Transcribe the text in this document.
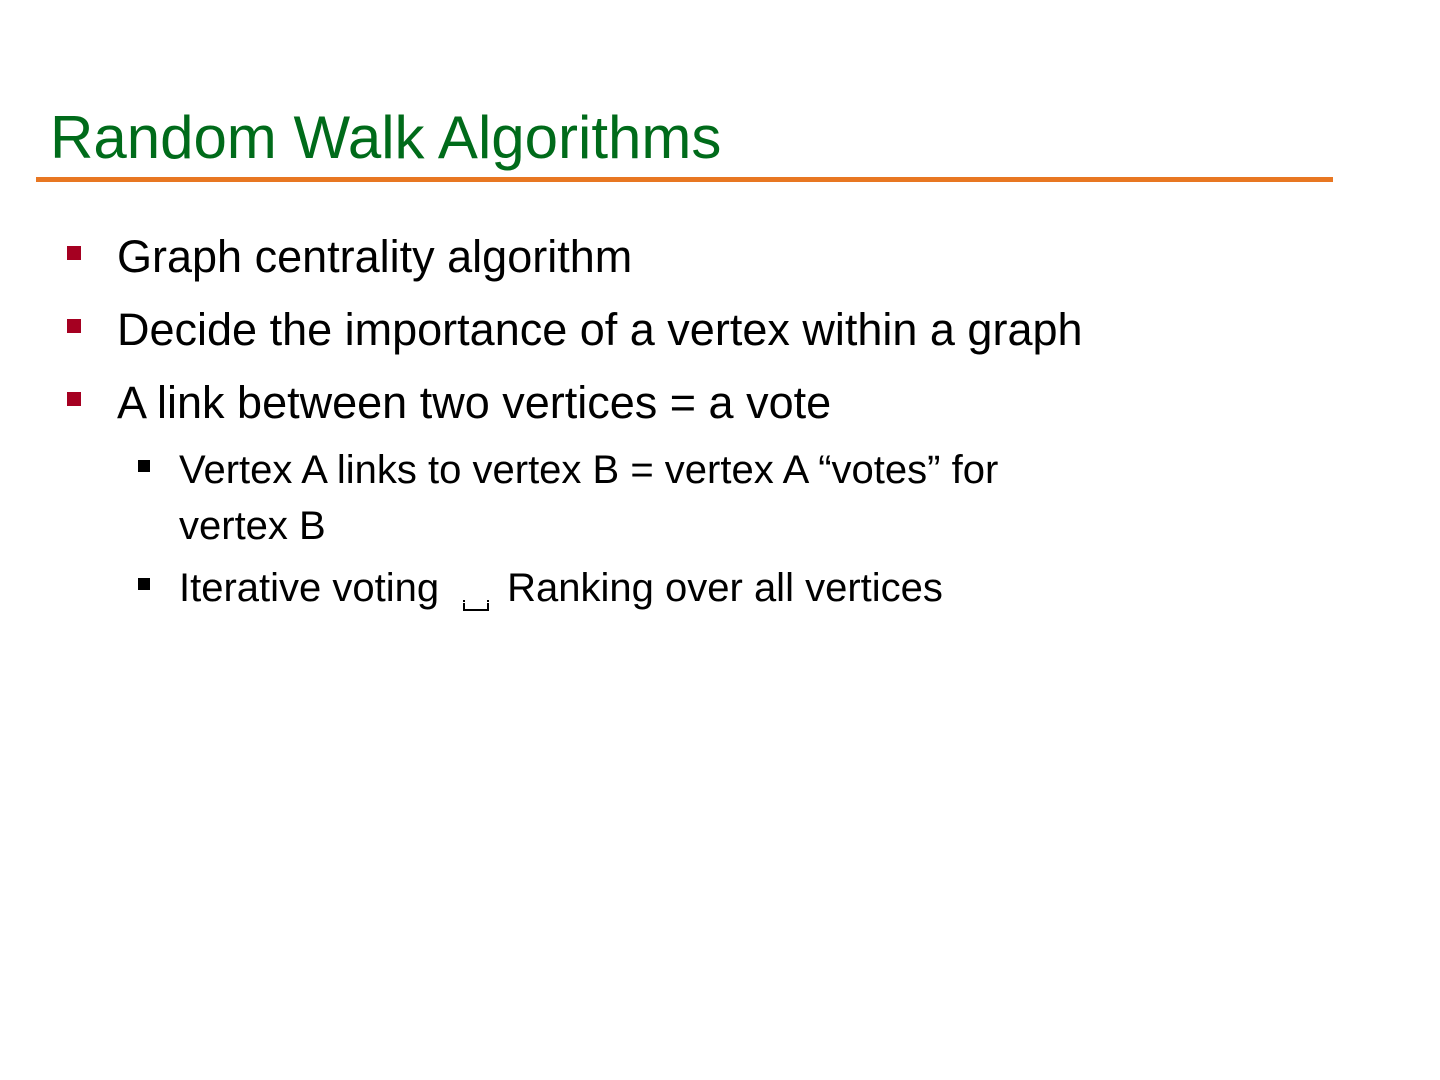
Random Walk Algorithms
Graph centrality algorithm
Decide the importance of a vertex within a graph
A link between two vertices = a vote
Vertex A links to vertex B = vertex A “votes” for
vertex B
Iterative voting Ranking over all vertices
